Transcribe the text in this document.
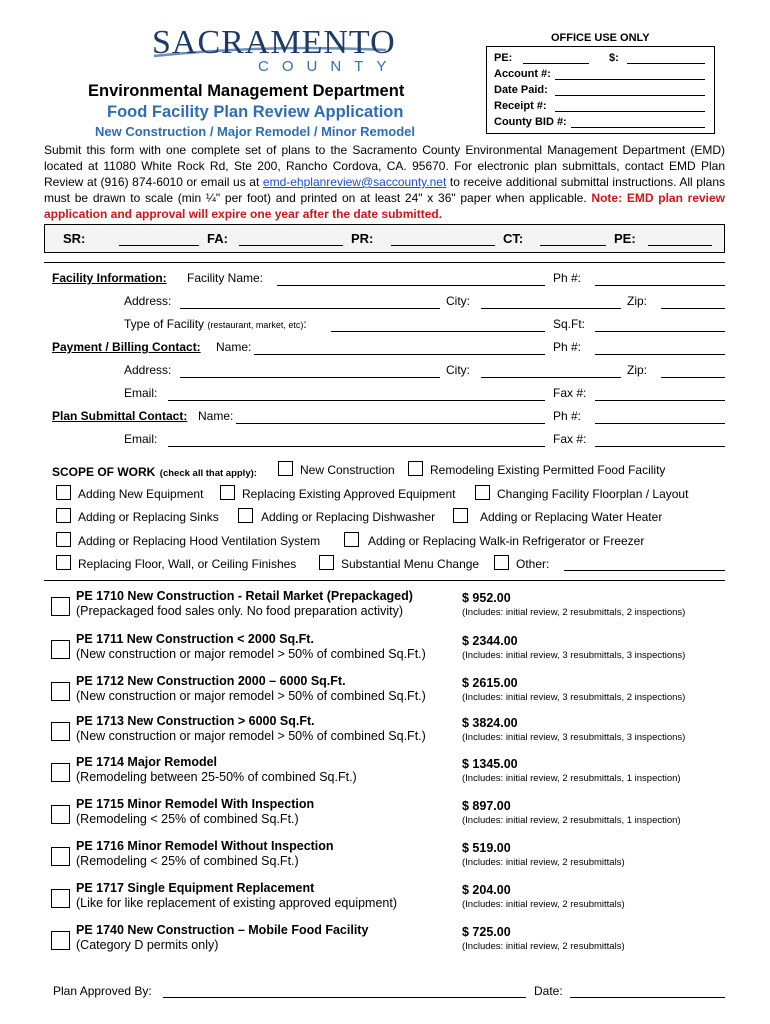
SACRAMENTO
COUNTY
Environmental Management Department
Food Facility Plan Review Application
New Construction / Major Remodel / Minor Remodel
OFFICE USE ONLY
PE:	$:
Account #:
Date Paid:
Receipt #:
County BID #:
Submit this form with one complete set of plans to the Sacramento County Environmental Management Department (EMD) located at 11080 White Rock Rd, Ste 200, Rancho Cordova, CA. 95670. For electronic plan submittals, contact EMD Plan Review at (916) 874-6010 or email us at emd-ehplanreview@saccounty.net to receive additional submittal instructions. All plans must be drawn to scale (min ¼" per foot) and printed on at least 24" x 36" paper when applicable. Note: EMD plan review application and approval will expire one year after the date submitted.
SR:	FA:	PR:	CT:	PE:
Facility Information: Facility Name:	Ph #:
Address:	City:	Zip:
Type of Facility (restaurant, market, etc):	Sq.Ft:
Payment / Billing Contact: Name:	Ph #:
Address:	City:	Zip:
Email:	Fax #:
Plan Submittal Contact: Name:	Ph #:
Email:	Fax #:
SCOPE OF WORK (check all that apply):	New Construction	Remodeling Existing Permitted Food Facility
Adding New Equipment	Replacing Existing Approved Equipment	Changing Facility Floorplan / Layout
Adding or Replacing Sinks	Adding or Replacing Dishwasher	Adding or Replacing Water Heater
Adding or Replacing Hood Ventilation System	Adding or Replacing Walk-in Refrigerator or Freezer
Replacing Floor, Wall, or Ceiling Finishes	Substantial Menu Change	Other:
PE 1710 New Construction - Retail Market (Prepackaged)
(Prepackaged food sales only. No food preparation activity)
$ 952.00
(Includes: initial review, 2 resubmittals, 2 inspections)
PE 1711 New Construction < 2000 Sq.Ft.
(New construction or major remodel > 50% of combined Sq.Ft.)
$ 2344.00
(Includes: initial review, 3 resubmittals, 3 inspections)
PE 1712 New Construction 2000 – 6000 Sq.Ft.
(New construction or major remodel > 50% of combined Sq.Ft.)
$ 2615.00
(Includes: initial review, 3 resubmittals, 2 inspections)
PE 1713 New Construction > 6000 Sq.Ft.
(New construction or major remodel > 50% of combined Sq.Ft.)
$ 3824.00
(Includes: initial review, 3 resubmittals, 3 inspections)
PE 1714 Major Remodel
(Remodeling between 25-50% of combined Sq.Ft.)
$ 1345.00
(Includes: initial review, 2 resubmittals, 1 inspection)
PE 1715 Minor Remodel With Inspection
(Remodeling < 25% of combined Sq.Ft.)
$ 897.00
(Includes: initial review, 2 resubmittals, 1 inspection)
PE 1716 Minor Remodel Without Inspection
(Remodeling < 25% of combined Sq.Ft.)
$ 519.00
(Includes: initial review, 2 resubmittals)
PE 1717 Single Equipment Replacement
(Like for like replacement of existing approved equipment)
$ 204.00
(Includes: initial review, 2 resubmittals)
PE 1740 New Construction – Mobile Food Facility
(Category D permits only)
$ 725.00
(Includes: initial review, 2 resubmittals)
Plan Approved By:	Date:
